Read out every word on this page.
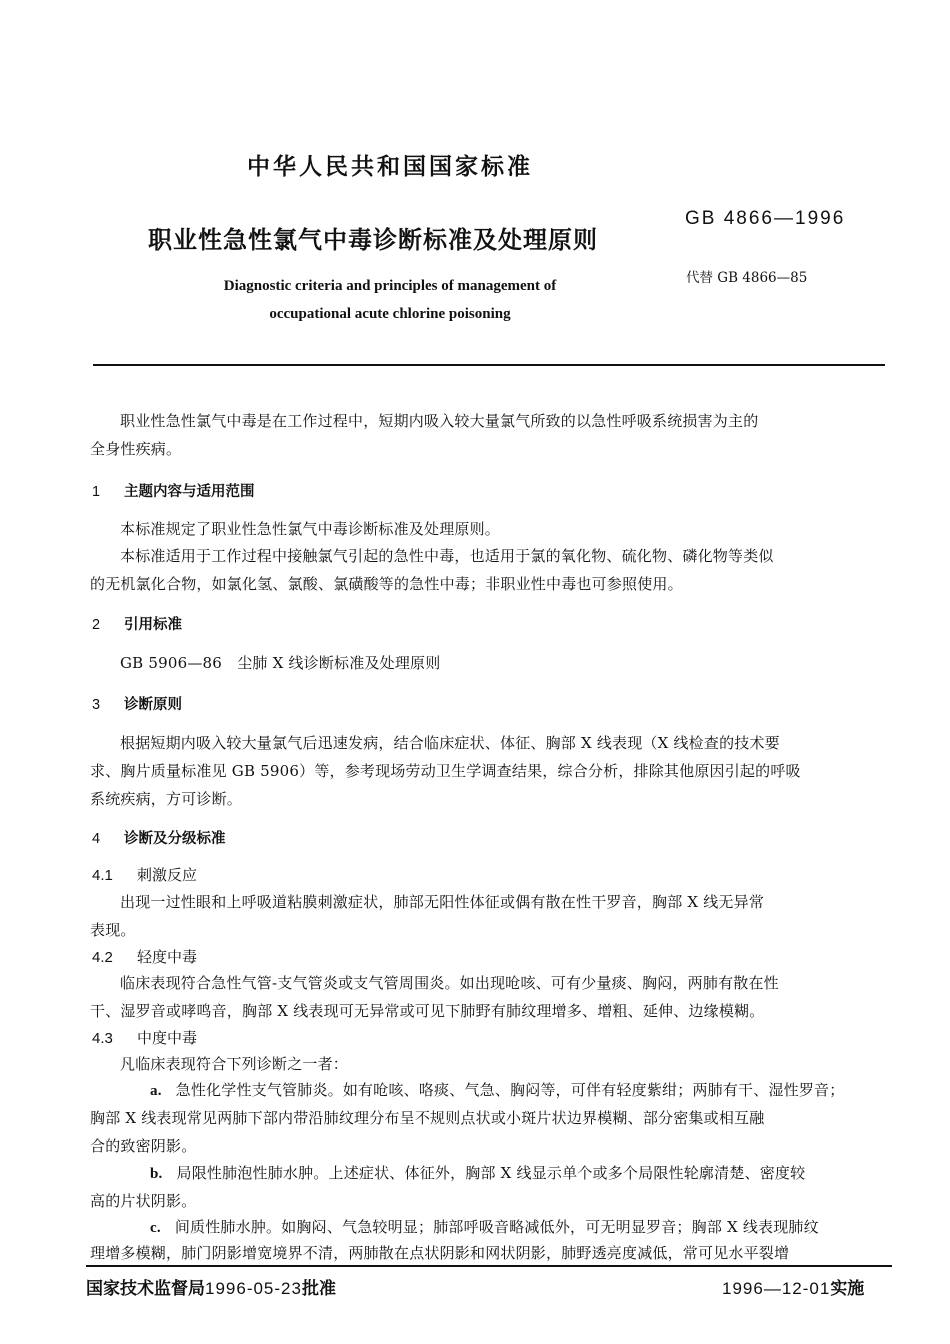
中华人民共和国国家标准
职业性急性氯气中毒诊断标准及处理原则
GB 4866—1996
代替 GB 4866—85
Diagnostic criteria and principles of management of
occupational acute chlorine poisoning
职业性急性氯气中毒是在工作过程中，短期内吸入较大量氯气所致的以急性呼吸系统损害为主的
全身性疾病。
1 主题内容与适用范围
本标准规定了职业性急性氯气中毒诊断标准及处理原则。
本标准适用于工作过程中接触氯气引起的急性中毒，也适用于氯的氧化物、硫化物、磷化物等类似
的无机氯化合物，如氯化氢、氯酸、氯磺酸等的急性中毒；非职业性中毒也可参照使用。
2 引用标准
GB 5906—86　尘肺 X 线诊断标准及处理原则
3 诊断原则
根据短期内吸入较大量氯气后迅速发病，结合临床症状、体征、胸部 X 线表现（X 线检查的技术要
求、胸片质量标准见 GB 5906）等，参考现场劳动卫生学调查结果，综合分析，排除其他原因引起的呼吸
系统疾病，方可诊断。
4 诊断及分级标准
4.1 刺激反应
出现一过性眼和上呼吸道粘膜刺激症状，肺部无阳性体征或偶有散在性干罗音，胸部 X 线无异常
表现。
4.2 轻度中毒
临床表现符合急性气管-支气管炎或支气管周围炎。如出现呛咳、可有少量痰、胸闷，两肺有散在性
干、湿罗音或哮鸣音，胸部 X 线表现可无异常或可见下肺野有肺纹理增多、增粗、延伸、边缘模糊。
4.3 中度中毒
凡临床表现符合下列诊断之一者：
a. 急性化学性支气管肺炎。如有呛咳、咯痰、气急、胸闷等，可伴有轻度紫绀；两肺有干、湿性罗音；
胸部 X 线表现常见两肺下部内带沿肺纹理分布呈不规则点状或小斑片状边界模糊、部分密集或相互融
合的致密阴影。
b. 局限性肺泡性肺水肿。上述症状、体征外，胸部 X 线显示单个或多个局限性轮廓清楚、密度较
高的片状阴影。
c. 间质性肺水肿。如胸闷、气急较明显；肺部呼吸音略减低外，可无明显罗音；胸部 X 线表现肺纹
理增多模糊，肺门阴影增宽境界不清，两肺散在点状阴影和网状阴影，肺野透亮度减低，常可见水平裂增
国家技术监督局1996-05-23批准	1996—12-01实施
